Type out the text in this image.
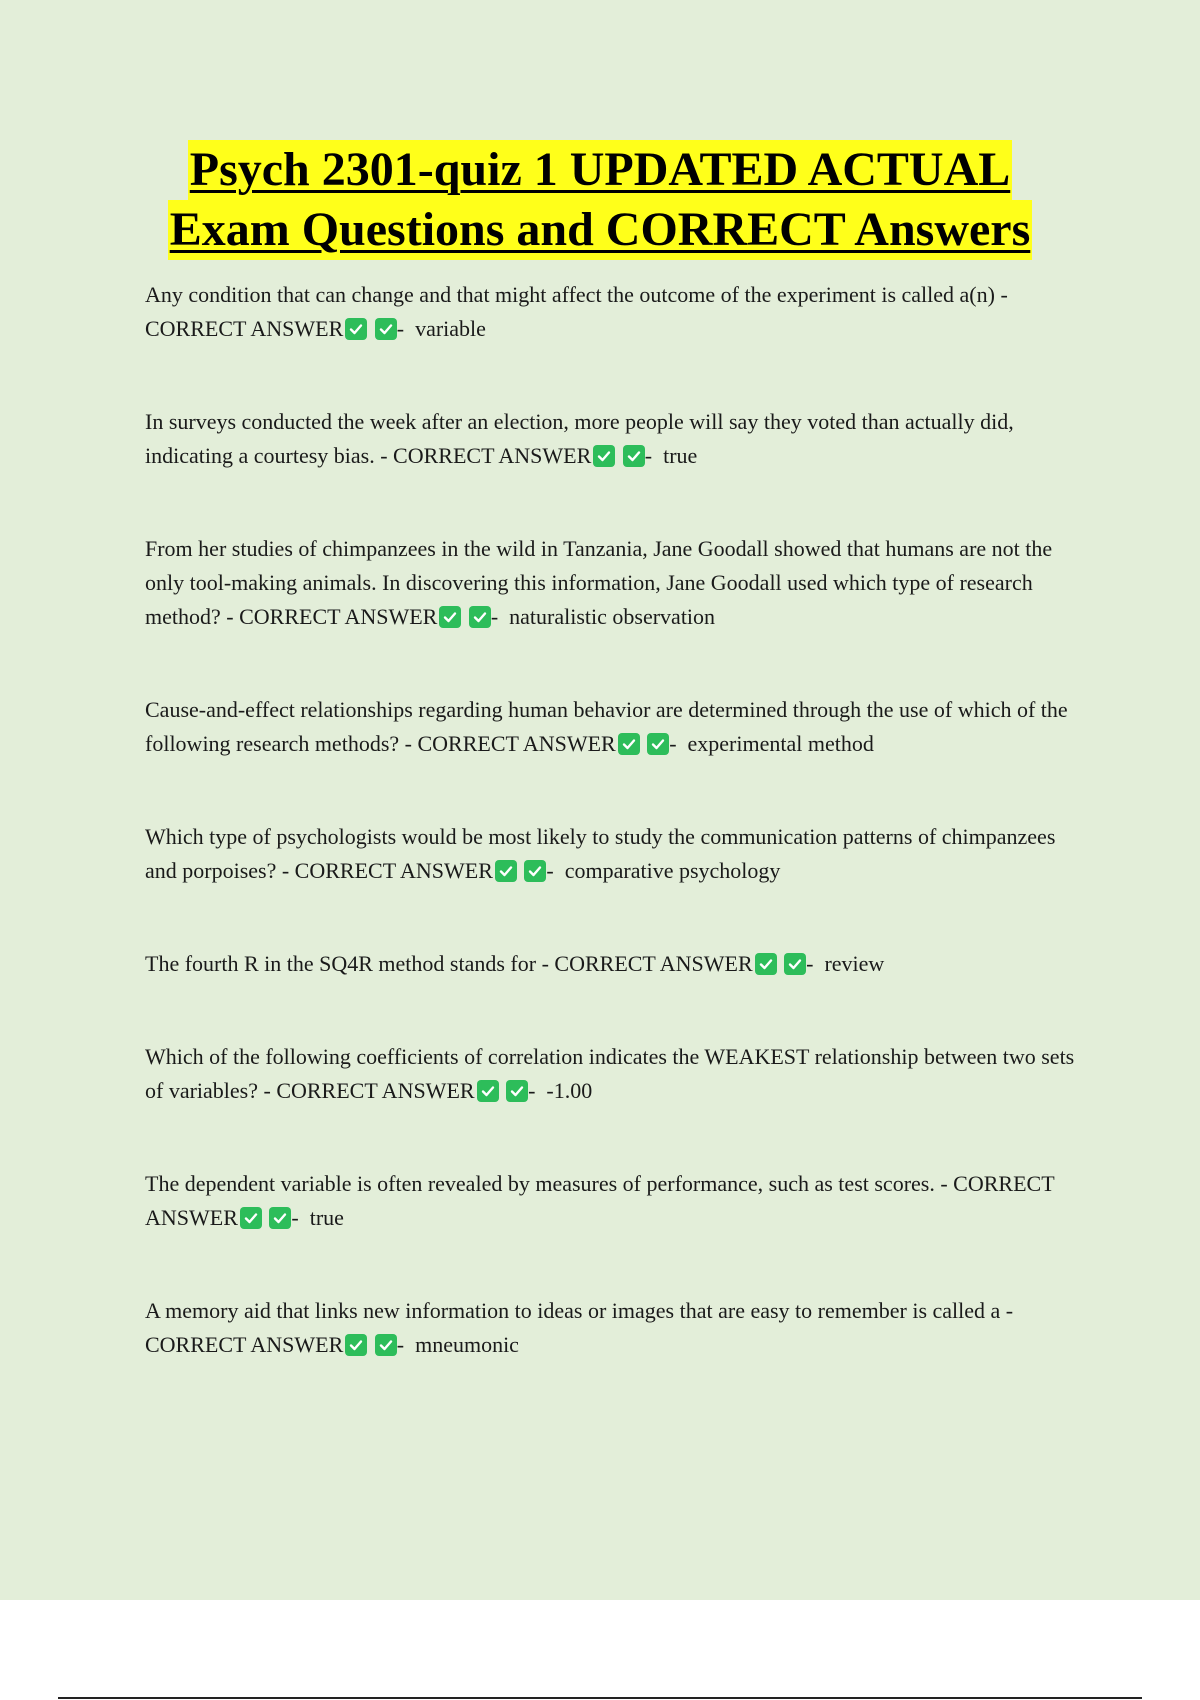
Psych 2301-quiz 1 UPDATED ACTUAL
Exam Questions and CORRECT Answers
Any condition that can change and that might affect the outcome of the experiment is called a(n) - CORRECT ANSWER
-  variable
In surveys conducted the week after an election, more people will say they voted than actually did, indicating a courtesy bias. - CORRECT ANSWER
-  true
From her studies of chimpanzees in the wild in Tanzania, Jane Goodall showed that humans are not the only tool-making animals. In discovering this information, Jane Goodall used which type of research method? - CORRECT ANSWER
-  naturalistic observation
Cause-and-effect relationships regarding human behavior are determined through the use of which of the following research methods? - CORRECT ANSWER
-  experimental method
Which type of psychologists would be most likely to study the communication patterns of chimpanzees and porpoises? - CORRECT ANSWER
-  comparative psychology
The fourth R in the SQ4R method stands for - CORRECT ANSWER
-  review
Which of the following coefficients of correlation indicates the WEAKEST relationship between two sets of variables? - CORRECT ANSWER
-  -1.00
The dependent variable is often revealed by measures of performance, such as test scores. - CORRECT ANSWER
-  true
A memory aid that links new information to ideas or images that are easy to remember is called a - CORRECT ANSWER
-  mneumonic
